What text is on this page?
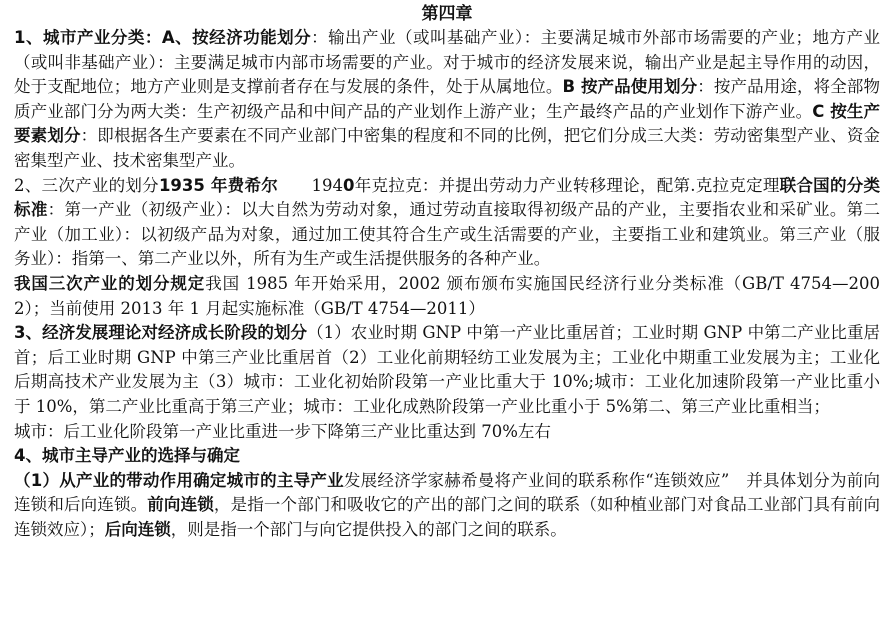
第四章

1、城市产业分类：A、按经济功能划分：输出产业（或叫基础产业）：主要满足城市外部市场需要的产业；地方产业（或叫非基础产业）：主要满足城市内部市场需要的产业。对于城市的经济发展来说，输出产业是起主导作用的动因，处于支配地位；地方产业则是支撑前者存在与发展的条件，处于从属地位。B 按产品使用划分：按产品用途，将全部物质产业部门分为两大类：生产初级产品和中间产品的产业划作上游产业；生产最终产品的产业划作下游产业。C 按生产要素划分：即根据各生产要素在不同产业部门中密集的程度和不同的比例，把它们分成三大类：劳动密集型产业、资金密集型产业、技术密集型产业。

2、三次产业的划分1935 年费希尔　　1940年克拉克：并提出劳动力产业转移理论，配第.克拉克定理联合国的分类标准：第一产业（初级产业）：以大自然为劳动对象，通过劳动直接取得初级产品的产业，主要指农业和采矿业。第二产业（加工业）：以初级产品为对象，通过加工使其符合生产或生活需要的产业，主要指工业和建筑业。第三产业（服务业）：指第一、第二产业以外，所有为生产或生活提供服务的各种产业。

我国三次产业的划分规定我国 1985 年开始采用，2002 颁布颁布实施国民经济行业分类标准（GB/T 4754—2002）；当前使用 2013 年 1 月起实施标准（GB/T 4754—2011）

3、经济发展理论对经济成长阶段的划分（1）农业时期 GNP 中第一产业比重居首；工业时期 GNP 中第二产业比重居首；后工业时期 GNP 中第三产业比重居首（2）工业化前期轻纺工业发展为主；工业化中期重工业发展为主；工业化后期高技术产业发展为主（3）城市：工业化初始阶段第一产业比重大于 10%;城市：工业化加速阶段第一产业比重小于 10%，第二产业比重高于第三产业；城市：工业化成熟阶段第一产业比重小于 5%第二、第三产业比重相当；

城市：后工业化阶段第一产业比重进一步下降第三产业比重达到 70%左右

4、城市主导产业的选择与确定

（1）从产业的带动作用确定城市的主导产业发展经济学家赫希曼将产业间的联系称作“连锁效应”　并具体划分为前向连锁和后向连锁。前向连锁，是指一个部门和吸收它的产出的部门之间的联系（如种植业部门对食品工业部门具有前向连锁效应）；后向连锁，则是指一个部门与向它提供投入的部门之间的联系。
